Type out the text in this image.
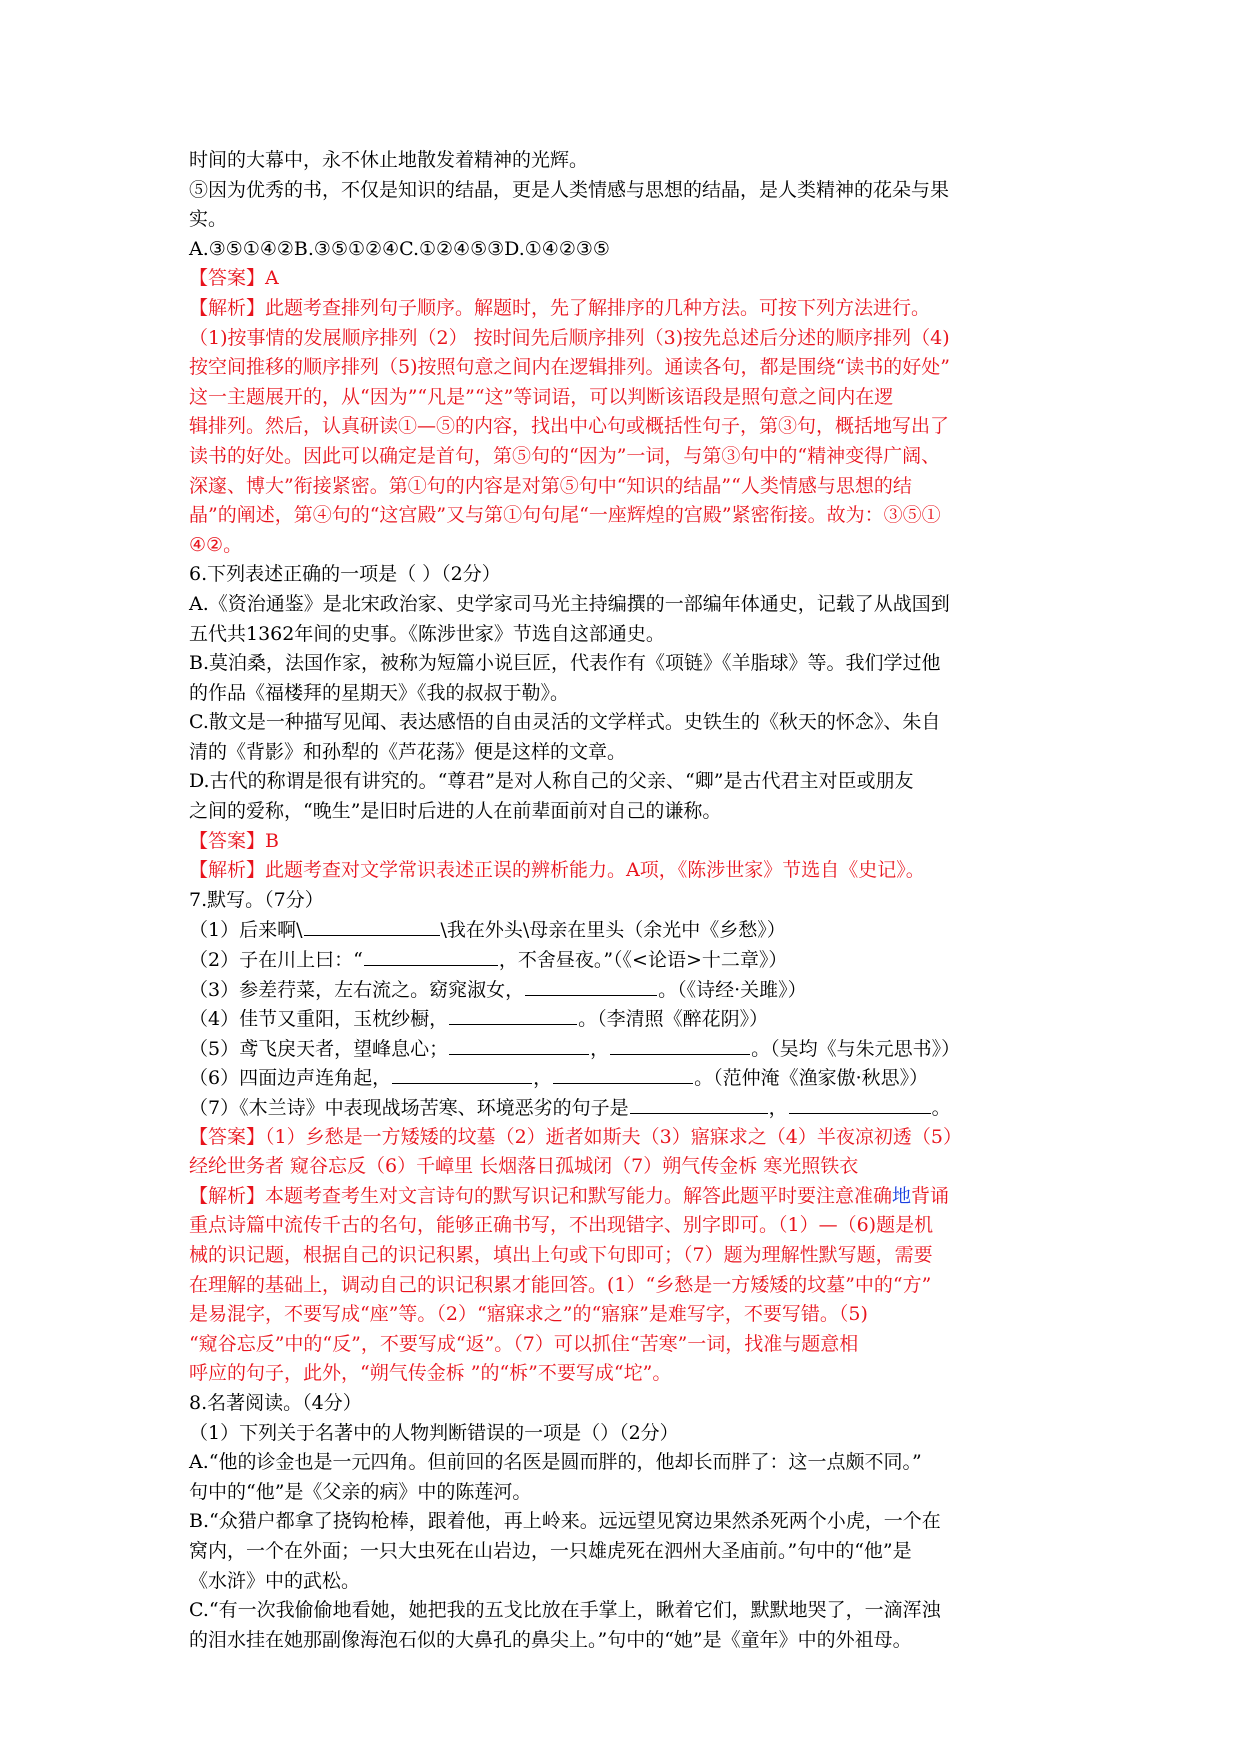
时间的大幕中，永不休止地散发着精神的光辉。
⑤因为优秀的书，不仅是知识的结晶，更是人类情感与思想的结晶，是人类精神的花朵与果
实。
A.③⑤①④②B.③⑤①②④C.①②④⑤③D.①④②③⑤
【答案】A
【解析】此题考查排列句子顺序。解题时，先了解排序的几种方法。可按下列方法进行。
（1)按事情的发展顺序排列（2） 按时间先后顺序排列（3)按先总述后分述的顺序排列（4)
按空间推移的顺序排列（5)按照句意之间内在逻辑排列。通读各句，都是围绕“读书的好处”
这一主题展开的，从“因为”“凡是”“这”等词语，可以判断该语段是照句意之间内在逻
辑排列。然后，认真研读①—⑤的内容，找出中心句或概括性句子，第③句，概括地写出了
读书的好处。因此可以确定是首句，第⑤句的“因为”一词，与第③句中的“精神变得广阔、
深邃、博大”衔接紧密。第①句的内容是对第⑤句中“知识的结晶”“人类情感与思想的结
晶”的阐述，第④句的“这宫殿”又与第①句句尾“一座辉煌的宫殿”紧密衔接。故为：③⑤①
④②。
6.下列表述正确的一项是（ ）（2分）
A.《资治通鉴》是北宋政治家、史学家司马光主持编撰的一部编年体通史，记载了从战国到
五代共1362年间的史事。《陈涉世家》节选自这部通史。
B.莫泊桑，法国作家，被称为短篇小说巨匠，代表作有《项链》《羊脂球》等。我们学过他
的作品《福楼拜的星期天》《我的叔叔于勒》。
C.散文是一种描写见闻、表达感悟的自由灵活的文学样式。史铁生的《秋天的怀念》、朱自
清的《背影》和孙犁的《芦花荡》便是这样的文章。
D.古代的称谓是很有讲究的。“尊君”是对人称自己的父亲、“卿”是古代君主对臣或朋友
之间的爱称，“晚生”是旧时后进的人在前辈面前对自己的谦称。
【答案】B
【解析】此题考查对文学常识表述正误的辨析能力。A项，《陈涉世家》节选自《史记》。
7.默写。（7分）
（1）后来啊\	\我在外头\母亲在里头（余光中《乡愁》）
（2）子在川上曰：“	，不舍昼夜。”（《<论语>十二章》）
（3）参差荇菜，左右流之。窈窕淑女，	。（《诗经·关雎》）
（4）佳节又重阳，玉枕纱橱，	。（李清照《醉花阴》）
（5）鸢飞戾天者，望峰息心；	，	。（吴均《与朱元思书》）
（6）四面边声连角起，	，	。（范仲淹《渔家傲·秋思》）
（7）《木兰诗》中表现战场苦寒、环境恶劣的句子是	，	。
【答案】（1）乡愁是一方矮矮的坟墓（2）逝者如斯夫（3）寤寐求之（4）半夜凉初透（5）
经纶世务者 窥谷忘反（6）千嶂里 长烟落日孤城闭（7）朔气传金柝 寒光照铁衣
【解析】本题考查考生对文言诗句的默写识记和默写能力。解答此题平时要注意准确地背诵
重点诗篇中流传千古的名句，能够正确书写，不出现错字、别字即可。（1）—（6)题是机
械的识记题，根据自己的识记积累，填出上句或下句即可；（7）题为理解性默写题，需要
在理解的基础上，调动自己的识记积累才能回答。(1）“乡愁是一方矮矮的坟墓”中的“方”
是易混字，不要写成“座”等。（2）“寤寐求之”的“寤寐”是难写字，不要写错。（5)
“窥谷忘反”中的“反”，不要写成“返”。（7）可以抓住“苦寒”一词，找准与题意相
呼应的句子，此外，“朔气传金柝 ”的“柝”不要写成“坨”。
8.名著阅读。（4分）
（1）下列关于名著中的人物判断错误的一项是（）（2分）
A.“他的诊金也是一元四角。但前回的名医是圆而胖的，他却长而胖了：这一点颇不同。”
句中的“他”是《父亲的病》中的陈莲河。
B.“众猎户都拿了挠钩枪棒，跟着他，再上岭来。远远望见窝边果然杀死两个小虎，一个在
窝内，一个在外面；一只大虫死在山岩边，一只雄虎死在泗州大圣庙前。”句中的“他”是
《水浒》中的武松。
C.“有一次我偷偷地看她，她把我的五戈比放在手掌上，瞅着它们，默默地哭了，一滴浑浊
的泪水挂在她那副像海泡石似的大鼻孔的鼻尖上。”句中的“她”是《童年》中的外祖母。
